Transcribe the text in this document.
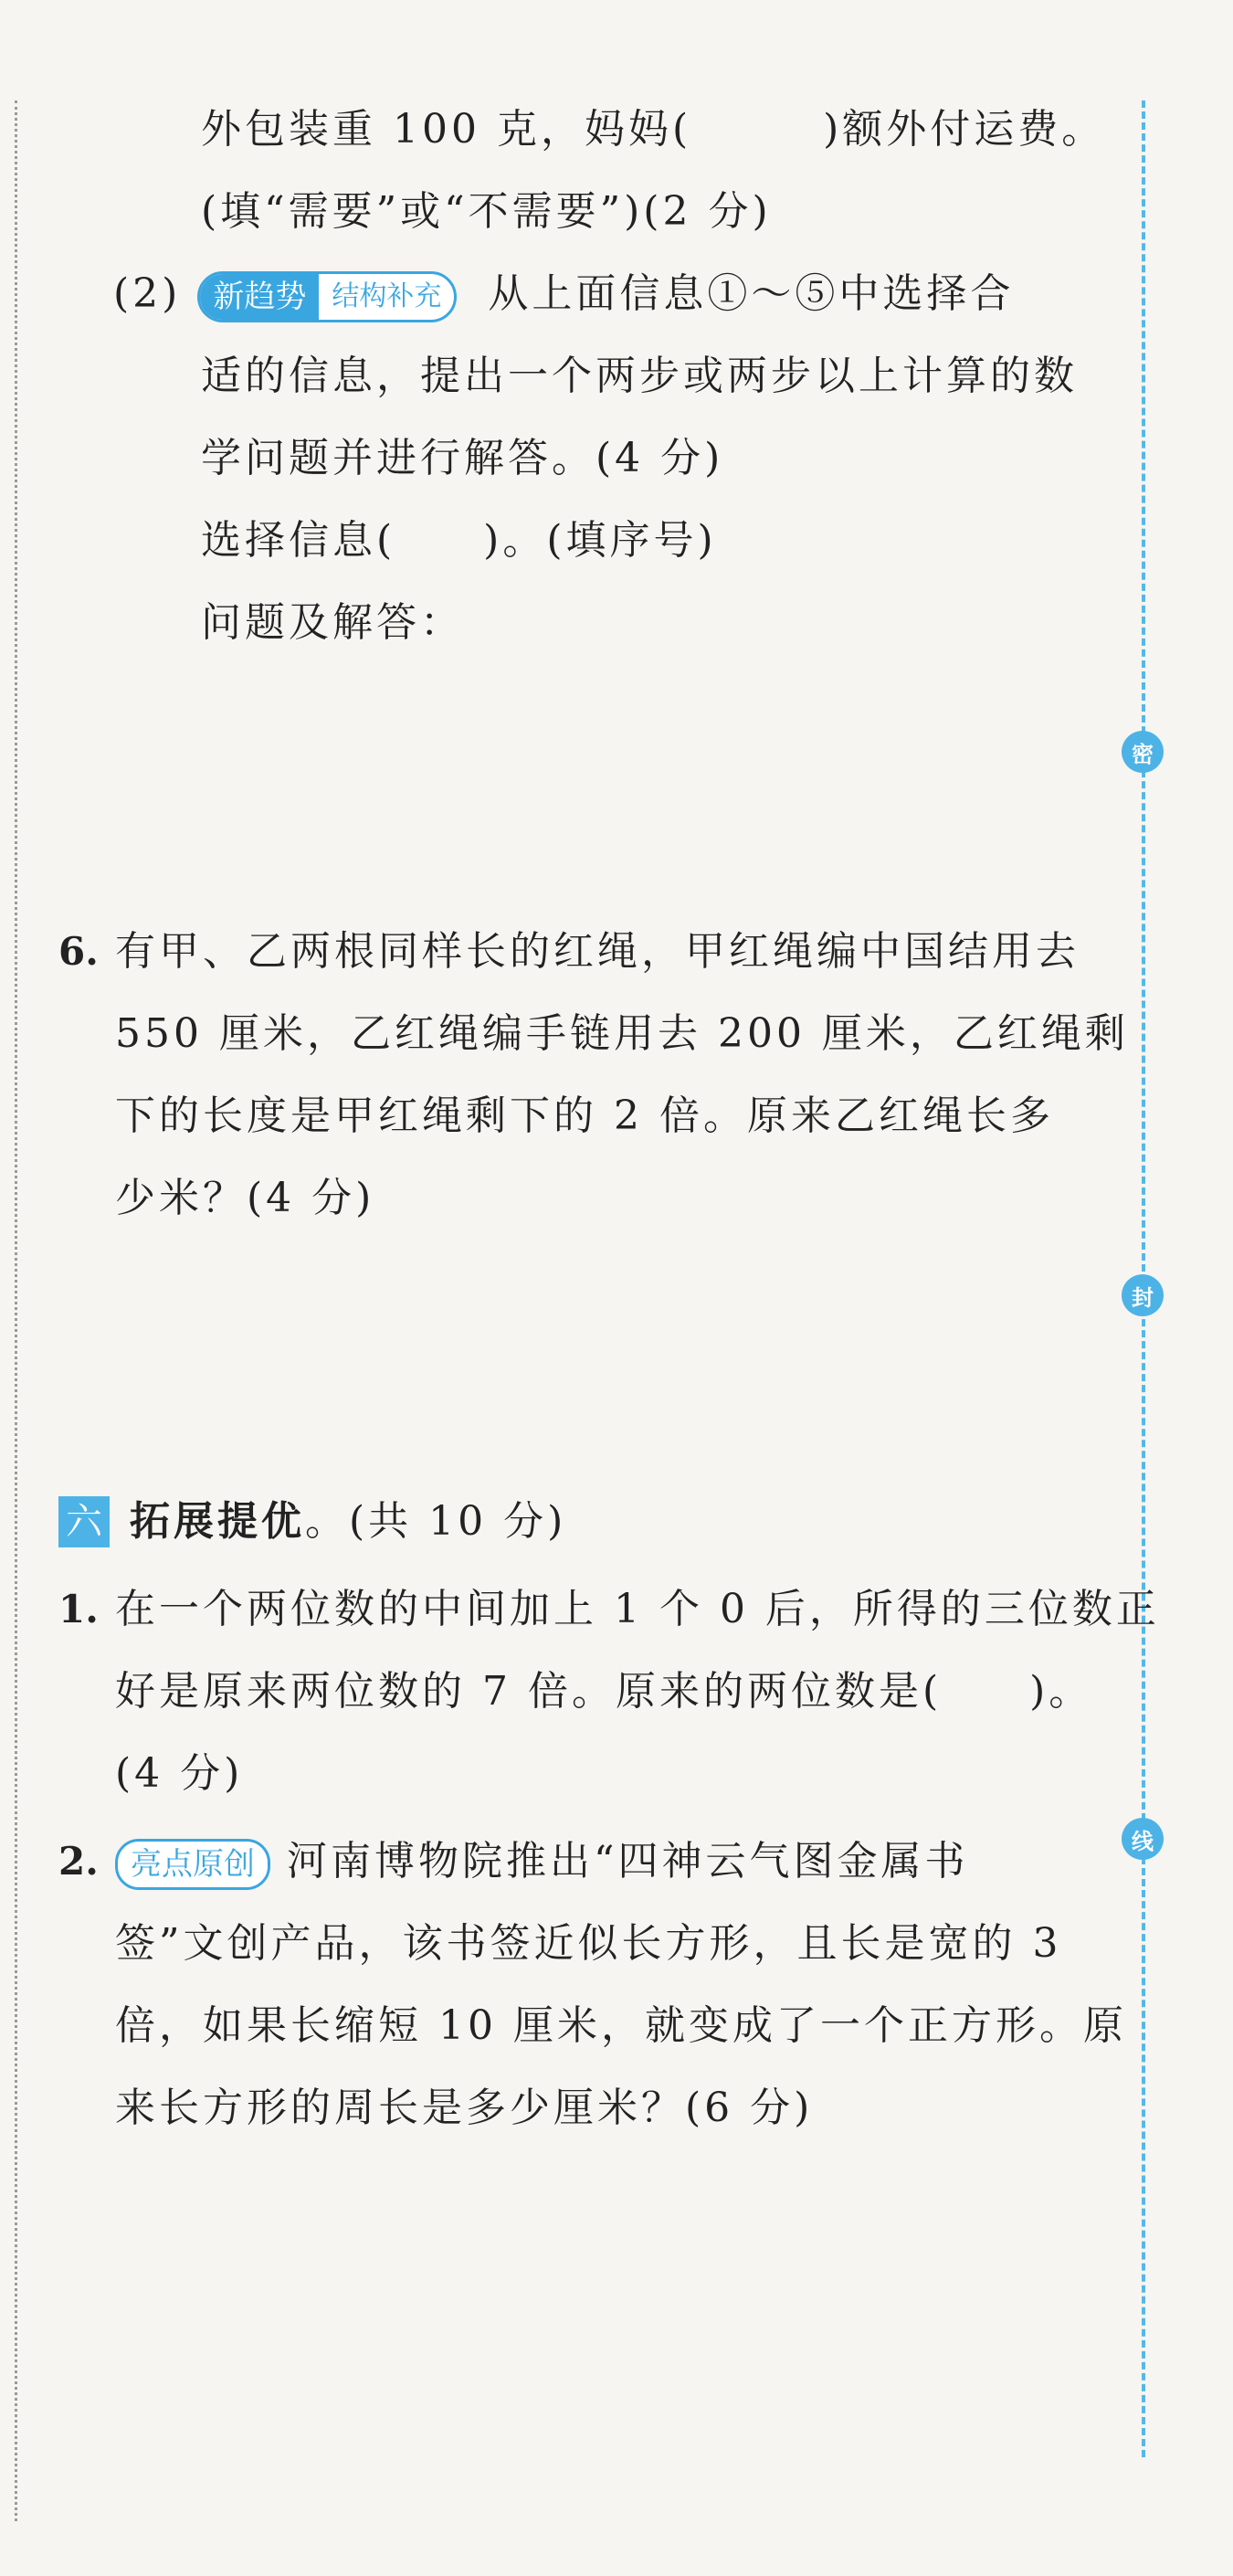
密
封
线
外包装重 100 克，妈妈(　　　)额外付运费。
(填“需要”或“不需要”)(2 分)
(2)	新趋势 结构补充	从上面信息①～⑤中选择合
适的信息，提出一个两步或两步以上计算的数
学问题并进行解答。(4 分)
选择信息(　　)。(填序号)
问题及解答：
6. 有甲、乙两根同样长的红绳，甲红绳编中国结用去
550 厘米，乙红绳编手链用去 200 厘米，乙红绳剩
下的长度是甲红绳剩下的 2 倍。原来乙红绳长多
少米？(4 分)
六 拓展提优。(共 10 分)
1. 在一个两位数的中间加上 1 个 0 后，所得的三位数正
好是原来两位数的 7 倍。原来的两位数是(　　)。
(4 分)
2.	亮点原创 河南博物院推出“四神云气图金属书
签”文创产品，该书签近似长方形，且长是宽的 3
倍，如果长缩短 10 厘米，就变成了一个正方形。原
来长方形的周长是多少厘米？(6 分)
